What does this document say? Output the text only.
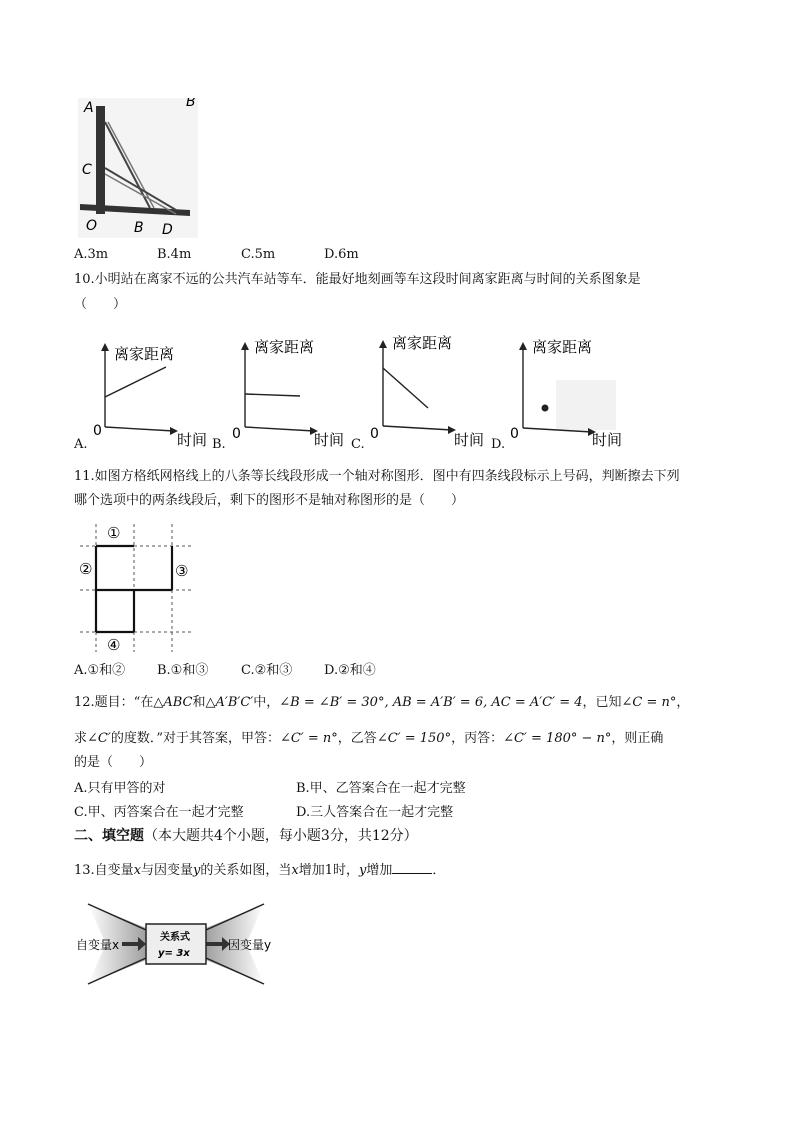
A	B
C
O	B D
A.3m	B.4m	C.5m	D.6m
10.小明站在离家不远的公共汽车站等车．能最好地刻画等车这段时间离家距离与时间的关系图象是
（　　）
A.
离家距离
时间
0
B.
离家距离
时间
0
C.
离家距离
时间
0
D.
离家距离
时间
0
11.如图方格纸网格线上的八条等长线段形成一个轴对称图形．图中有四条线段标示上号码，判断擦去下列
哪个选项中的两条线段后，剩下的图形不是轴对称图形的是（　　）
①
②	③
④
A.①和② B.①和③	C.②和③ D.②和④
12.题目：“在△ABC和△A′B′C′中，∠B = ∠B′ = 30°, AB = A′B′ = 6, AC = A′C′ = 4，已知∠C = n°，
求∠C′的度数．”对于其答案，甲答：∠C′ = n°，乙答∠C′ = 150°，丙答：∠C′ = 180° − n°，则正确
的是（　　）
A.只有甲答的对	B.甲、乙答案合在一起才完整
C.甲、丙答案合在一起才完整	D.三人答案合在一起才完整
二、填空题（本大题共4个小题，每小题3分，共12分）
13.自变量x与因变量y的关系如图，当x增加1时，y增加	．
关系式
y= 3x
自变量x	因变量y
